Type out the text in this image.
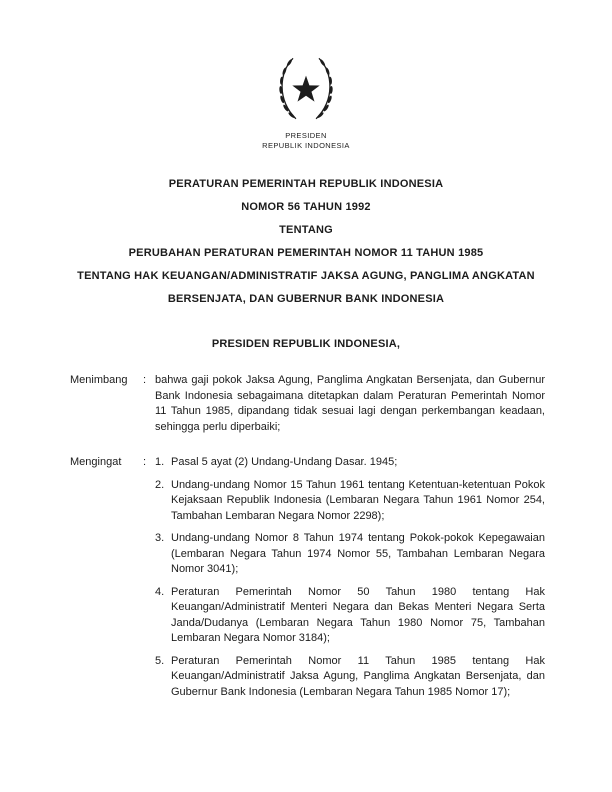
PRESIDEN
REPUBLIK INDONESIA
PERATURAN PEMERINTAH REPUBLIK INDONESIA
NOMOR 56 TAHUN 1992
TENTANG
PERUBAHAN PERATURAN PEMERINTAH NOMOR 11 TAHUN 1985
TENTANG HAK KEUANGAN/ADMINISTRATIF JAKSA AGUNG, PANGLIMA ANGKATAN
BERSENJATA, DAN GUBERNUR BANK INDONESIA
PRESIDEN REPUBLIK INDONESIA,
Menimbang	: bahwa gaji pokok Jaksa Agung, Panglima Angkatan Bersenjata, dan Gubernur Bank Indonesia sebagaimana ditetapkan dalam Peraturan Pemerintah Nomor 11 Tahun 1985, dipandang tidak sesuai lagi dengan perkembangan keadaan, sehingga perlu diperbaiki;
Mengingat	: 1. Pasal 5 ayat (2) Undang-Undang Dasar. 1945;
2. Undang-undang Nomor 15 Tahun 1961 tentang Ketentuan-ketentuan Pokok Kejaksaan Republik Indonesia (Lembaran Negara Tahun 1961 Nomor 254, Tambahan Lembaran Negara Nomor 2298);
3. Undang-undang Nomor 8 Tahun 1974 tentang Pokok-pokok Kepegawaian (Lembaran Negara Tahun 1974 Nomor 55, Tambahan Lembaran Negara Nomor 3041);
4. Peraturan Pemerintah Nomor 50 Tahun 1980 tentang Hak Keuangan/Administratif Menteri Negara dan Bekas Menteri Negara Serta Janda/Dudanya (Lembaran Negara Tahun 1980 Nomor 75, Tambahan Lembaran Negara Nomor 3184);
5. Peraturan Pemerintah Nomor 11 Tahun 1985 tentang Hak Keuangan/Administratif Jaksa Agung, Panglima Angkatan Bersenjata, dan Gubernur Bank Indonesia (Lembaran Negara Tahun 1985 Nomor 17);
